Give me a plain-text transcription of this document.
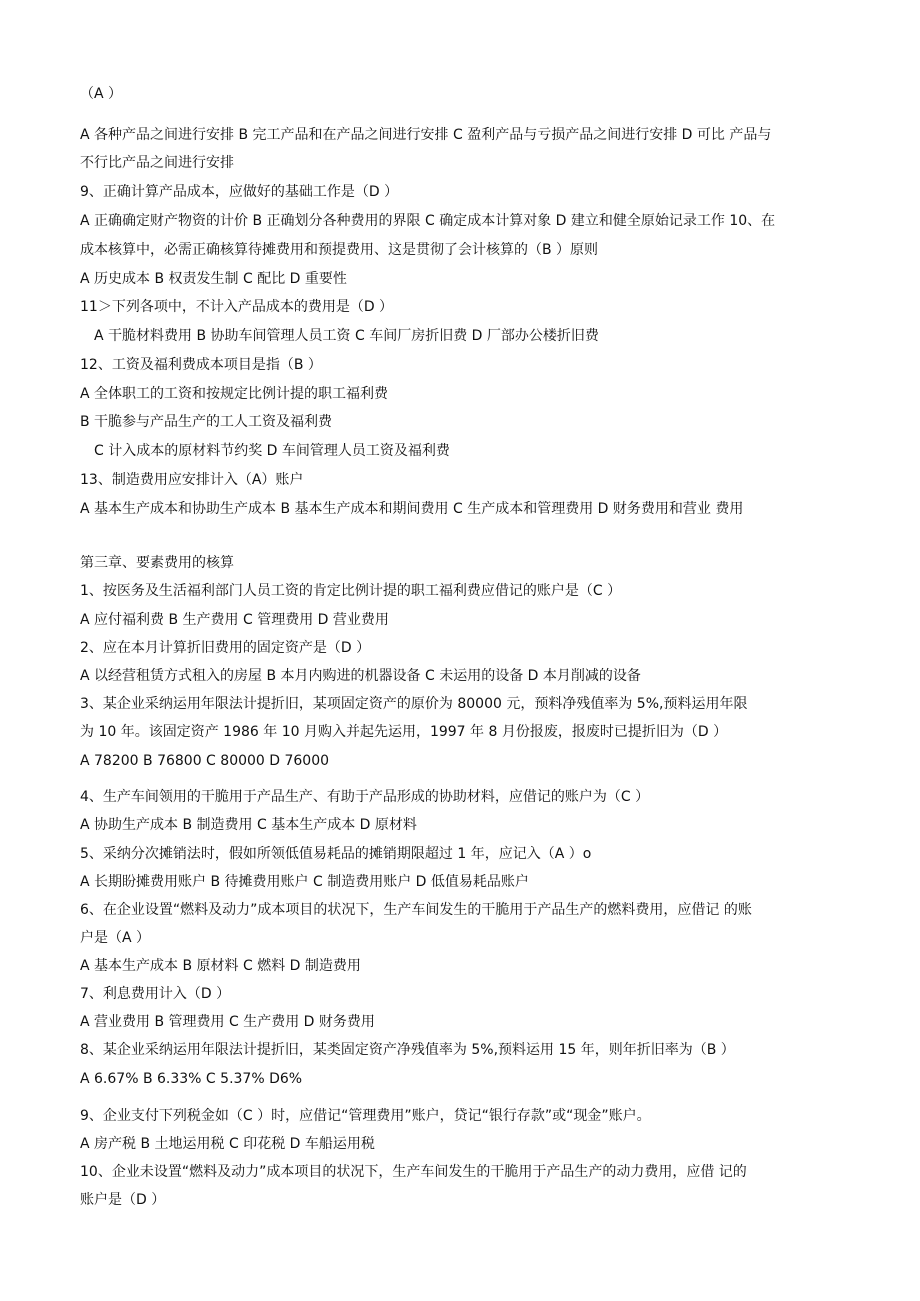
（A ）
A 各种产品之间进行安排 B 完工产品和在产品之间进行安排 C 盈利产品与亏损产品之间进行安排 D 可比 产品与
不行比产品之间进行安排
9、正确计算产品成本，应做好的基础工作是（D ）
A 正确确定财产物资的计价 B 正确划分各种费用的界限 C 确定成本计算对象 D 建立和健全原始记录工作 10、在
成本核算中，必需正确核算待摊费用和预提费用、这是贯彻了会计核算的（B ）原则
A 历史成本 B 权责发生制 C 配比 D 重要性
11＞下列各项中，不计入产品成本的费用是（D ）
A 干脆材料费用 B 协助车间管理人员工资 C 车间厂房折旧费 D 厂部办公楼折旧费
12、工资及福利费成本项目是指（B ）
A 全体职工的工资和按规定比例计提的职工福利费
B 干脆参与产品生产的工人工资及福利费
C 计入成本的原材料节约奖 D 车间管理人员工资及福利费
13、制造费用应安排计入（A）账户
A 基本生产成本和协助生产成本 B 基本生产成本和期间费用 C 生产成本和管理费用 D 财务费用和营业 费用
第三章、要素费用的核算
1、按医务及生活福利部门人员工资的肯定比例计提的职工福利费应借记的账户是（C ）
A 应付福利费 B 生产费用 C 管理费用 D 营业费用
2、应在本月计算折旧费用的固定资产是（D ）
A 以经营租赁方式租入的房屋 B 本月内购进的机器设备 C 未运用的设备 D 本月削减的设备
3、某企业采纳运用年限法计提折旧，某项固定资产的原价为 80000 元，预料净残值率为 5%,预料运用年限
为 10 年。该固定资产 1986 年 10 月购入并起先运用，1997 年 8 月份报废，报废时已提折旧为（D ）
A 78200 B 76800 C 80000 D 76000
4、生产车间领用的干脆用于产品生产、有助于产品形成的协助材料，应借记的账户为（C ）
A 协助生产成本 B 制造费用 C 基本生产成本 D 原材料
5、采纳分次摊销法时，假如所领低值易耗品的摊销期限超过 1 年，应记入（A ）o
A 长期盼摊费用账户 B 待摊费用账户 C 制造费用账户 D 低值易耗品账户
6、在企业设置“燃料及动力”成本项目的状况下，生产车间发生的干脆用于产品生产的燃料费用，应借记 的账
户是（A ）
A 基本生产成本 B 原材料 C 燃料 D 制造费用
7、利息费用计入（D ）
A 营业费用 B 管理费用 C 生产费用 D 财务费用
8、某企业采纳运用年限法计提折旧，某类固定资产净残值率为 5%,预料运用 15 年，则年折旧率为（B ）
A 6.67% B 6.33% C 5.37% D6%
9、企业支付下列税金如（C ）时，应借记“管理费用”账户，贷记“银行存款”或“现金”账户。
A 房产税 B 土地运用税 C 印花税 D 车船运用税
10、企业未设置“燃料及动力”成本项目的状况下，生产车间发生的干脆用于产品生产的动力费用，应借 记的
账户是（D ）
